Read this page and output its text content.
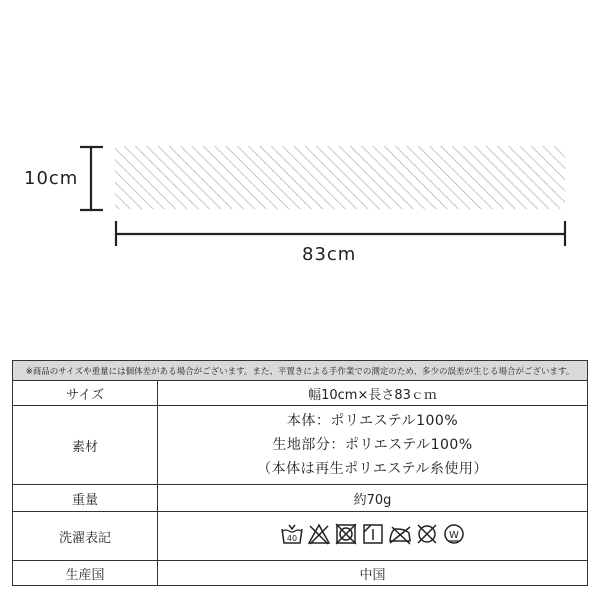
10cm
83cm
※商品のサイズや重量には個体差がある場合がございます。また、平置きによる手作業での測定のため、多少の誤差が生じる場合がございます。	
サイズ	幅10cm×長さ83ｃｍ
素材	本体：ポリエステル100%
生地部分：ポリエステル100%
（本体は再生ポリエステル糸使用）

重量	約70g
洗濯表記	40 W

生産国	中国
